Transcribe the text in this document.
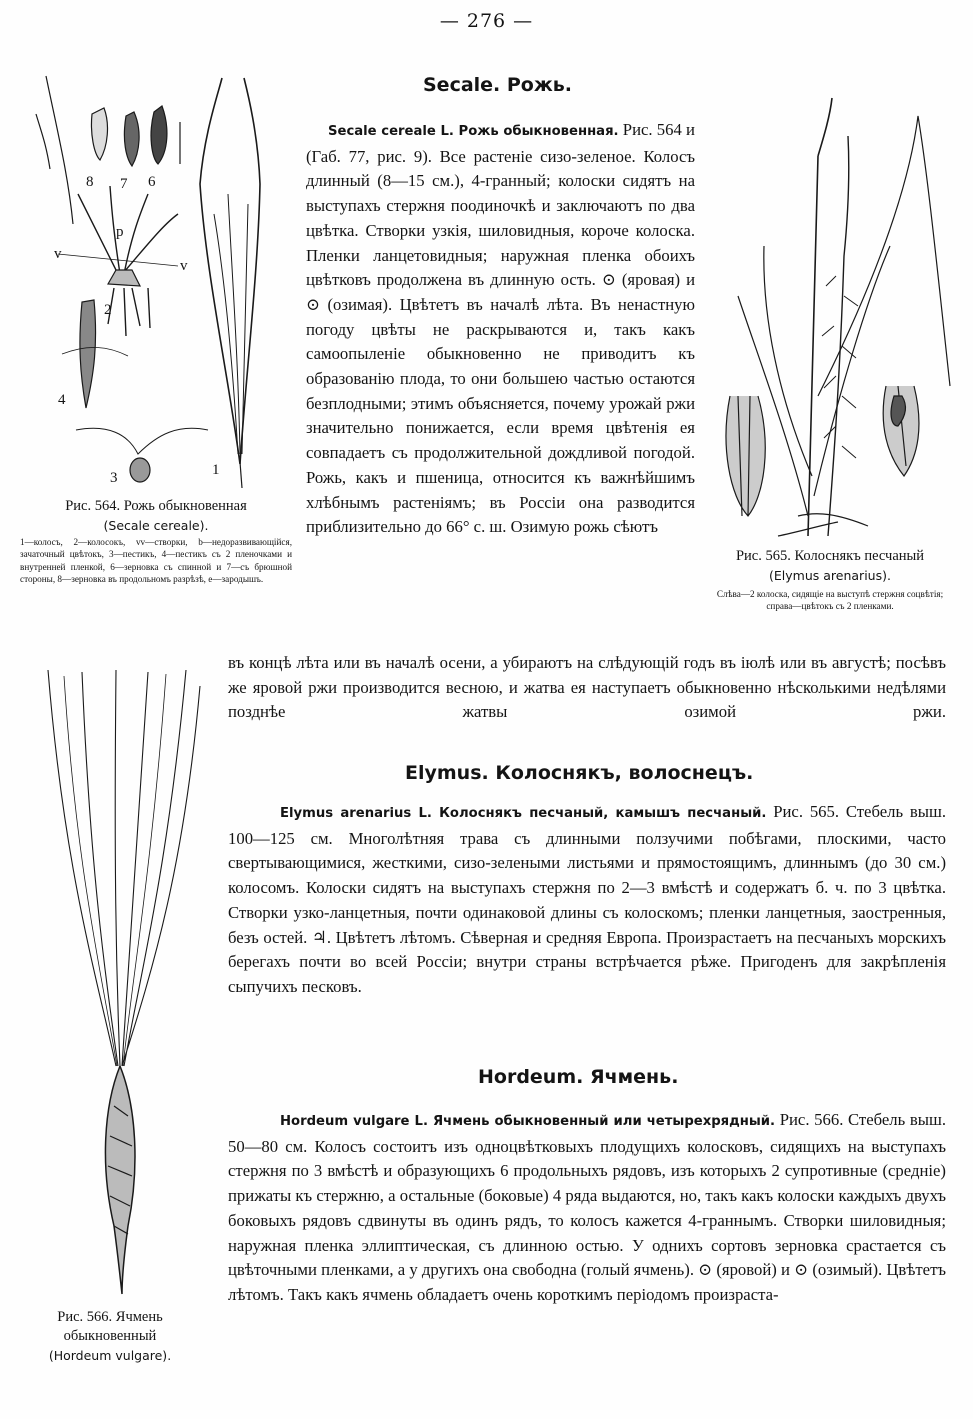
— 276 —
8 7 6
p
v
v
2
4
3	1
Рис. 564. Рожь обыкновенная
(Secale cereale).
1—колосъ, 2—колосокъ, vv—створки, b—недоразвивающійся, зачаточный цвѣтокъ, 3—пестикъ, 4—пестикъ съ 2 пленочками и внутренней пленкой, 6—зерновка съ спинной и 7—съ брюшной стороны, 8—зерновка въ продольномъ разрѣзѣ, e—зародышъ.
Рис. 565. Колоснякъ песчаный
(Elymus arenarius).
Слѣва—2 колоска, сидящіе на выступѣ стержня соцвѣтія; справа—цвѣтокъ съ 2 пленками.
Рис. 566. Ячмень обыкновенный
(Hordeum vulgare).
Secale. Рожь.
Secale cereale L. Рожь обыкновенная. Рис. 564 и (Габ. 77, рис. 9). Все растеніе сизо-зеленое. Колосъ длинный (8—15 см.), 4-гранный; колоски сидятъ на выступахъ стержня поодиночкѣ и заключаютъ по два цвѣтка. Створки узкія, шиловидныя, короче колоска. Пленки ланцетовидныя; наружная пленка обоихъ цвѣтковъ продолжена въ длинную ость. ⊙ (яровая) и ⊙ (озимая). Цвѣтетъ въ началѣ лѣта. Въ ненастную погоду цвѣты не раскрываются и, такъ какъ самоопыленіе обыкновенно не приводитъ къ образованію плода, то они большею частью остаются безплодными; этимъ объясняется, почему урожай ржи значительно понижается, если время цвѣтенія ея совпадаетъ съ продолжительной дождливой погодой. Рожь, какъ и пшеница, относится къ важнѣйшимъ хлѣбнымъ растеніямъ; въ Россіи она разводится приблизительно до 66° с. ш. Озимую рожь сѣютъ
въ концѣ лѣта или въ началѣ осени, а убираютъ на слѣдующій годъ въ іюлѣ или въ августѣ; посѣвъ же яровой ржи производится весною, и жатва ея наступаетъ обыкновенно нѣсколькими недѣлями позднѣе жатвы озимой ржи.
Elymus. Колоснякъ, волоснецъ.
Elymus arenarius L. Колоснякъ песчаный, камышъ песчаный. Рис. 565. Стебель выш. 100—125 см. Многолѣтняя трава съ длинными ползучими побѣгами, плоскими, часто свертывающимися, жесткими, сизо-зелеными листьями и прямостоящимъ, длиннымъ (до 30 см.) колосомъ. Колоски сидятъ на выступахъ стержня по 2—3 вмѣстѣ и содержатъ б. ч. по 3 цвѣтка. Створки узко-ланцетныя, почти одинаковой длины съ колоскомъ; пленки ланцетныя, заостренныя, безъ остей. ♃. Цвѣтетъ лѣтомъ. Сѣверная и средняя Европа. Произрастаетъ на песчаныхъ морскихъ берегахъ почти во всей Россіи; внутри страны встрѣчается рѣже. Пригоденъ для закрѣпленія сыпучихъ песковъ.
Hordeum. Ячмень.
Hordeum vulgare L. Ячмень обыкновенный или четырехрядный. Рис. 566. Стебель выш. 50—80 см. Колосъ состоитъ изъ одноцвѣтковыхъ плодущихъ колосковъ, сидящихъ на выступахъ стержня по 3 вмѣстѣ и образующихъ 6 продольныхъ рядовъ, изъ которыхъ 2 супротивные (средніе) прижаты къ стержню, а остальные (боковые) 4 ряда выдаются, но, такъ какъ колоски каждыхъ двухъ боковыхъ рядовъ сдвинуты въ одинъ рядъ, то колосъ кажется 4-граннымъ. Створки шиловидныя; наружная пленка эллиптическая, съ длинною остью. У однихъ сортовъ зерновка срастается съ цвѣточными пленками, а у другихъ она свободна (голый ячмень). ⊙ (яровой) и ⊙ (озимый). Цвѣтетъ лѣтомъ. Такъ какъ ячмень обладаетъ очень короткимъ періодомъ произраста-
